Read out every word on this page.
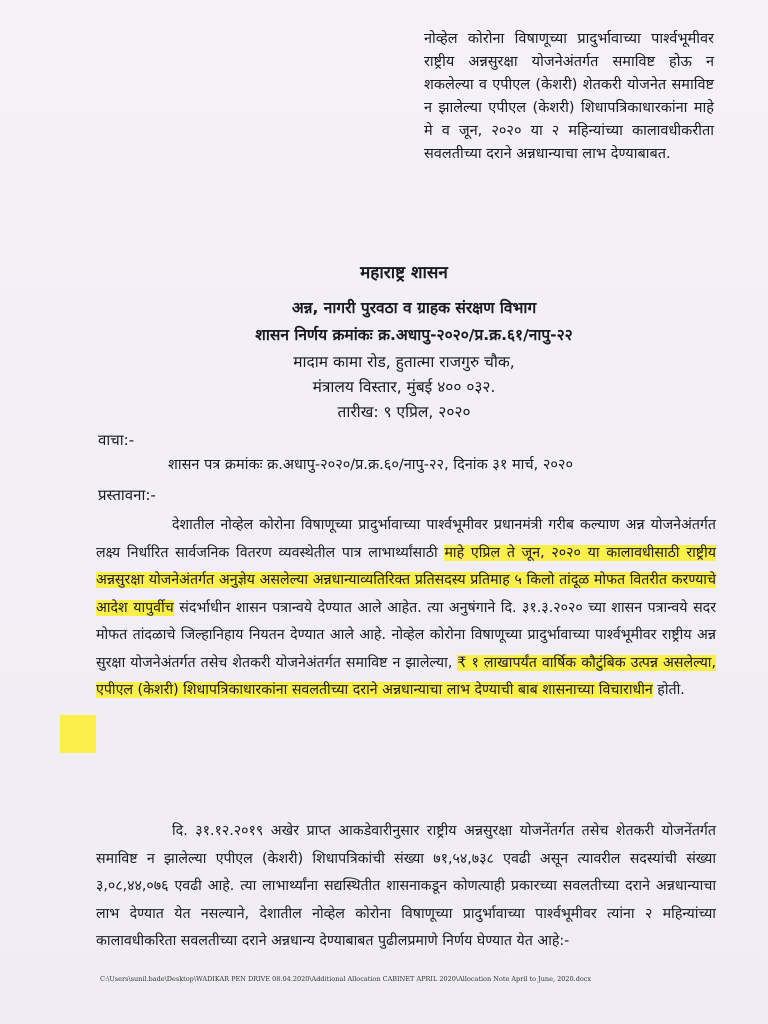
नोव्हेल कोरोना विषाणूच्या प्रादुर्भावाच्या पार्श्वभूमीवर राष्ट्रीय अन्नसुरक्षा योजनेअंतर्गत समाविष्ट होऊ न शकलेल्या व एपीएल (केशरी) शेतकरी योजनेत समाविष्ट न झालेल्या एपीएल (केशरी) शिधापत्रिकाधारकांना माहे मे व जून, २०२० या २ महिन्यांच्या कालावधीकरीता सवलतीच्या दराने अन्नधान्याचा लाभ देण्याबाबत.
महाराष्ट्र शासन
अन्न, नागरी पुरवठा व ग्राहक संरक्षण विभाग
शासन निर्णय क्रमांकः क्र.अधापु-२०२०/प्र.क्र.६१/नापु-२२
मादाम कामा रोड, हुतात्मा राजगुरु चौक,
मंत्रालय विस्तार, मुंबई ४०० ०३२.
तारीख: ९ एप्रिल, २०२०
वाचा:-
शासन पत्र क्रमांकः क्र.अधापु-२०२०/प्र.क्र.६०/नापु-२२, दिनांक ३१ मार्च, २०२०
प्रस्तावना:-
देशातील नोव्हेल कोरोना विषाणूच्या प्रादुर्भावाच्या पार्श्वभूमीवर प्रधानमंत्री गरीब कल्याण अन्न योजनेअंतर्गत लक्ष्य निर्धारित सार्वजनिक वितरण व्यवस्थेतील पात्र लाभार्थ्यांसाठी माहे एप्रिल ते जून, २०२० या कालावधीसाठी राष्ट्रीय अन्नसुरक्षा योजनेअंतर्गत अनुज्ञेय असलेल्या अन्नधान्याव्यतिरिक्त प्रतिसदस्य प्रतिमाह ५ किलो तांदूळ मोफत वितरीत करण्याचे आदेश यापुर्वीच संदर्भाधीन शासन पत्रान्वये देण्यात आले आहेत. त्या अनुषंगाने दि. ३१.३.२०२० च्या शासन पत्रान्वये सदर मोफत तांदळाचे जिल्हानिहाय नियतन देण्यात आले आहे. नोव्हेल कोरोना विषाणूच्या प्रादुर्भावाच्या पार्श्वभूमीवर राष्ट्रीय अन्न सुरक्षा योजनेअंतर्गत तसेच शेतकरी योजनेअंतर्गत समाविष्ट न झालेल्या, ₹ १ लाखापर्यंत वार्षिक कौटुंबिक उत्पन्न असलेल्या, एपीएल (केशरी) शिधापत्रिकाधारकांना सवलतीच्या दराने अन्नधान्याचा लाभ देण्याची बाब शासनाच्या विचाराधीन होती.
दि. ३१.१२.२०१९ अखेर प्राप्त आकडेवारीनुसार राष्ट्रीय अन्नसुरक्षा योजनेंतर्गत तसेच शेतकरी योजनेंतर्गत समाविष्ट न झालेल्या एपीएल (केशरी) शिधापत्रिकांची संख्या ७१,५४,७३८ एवढी असून त्यावरील सदस्यांची संख्या ३,०८,४४,०७६ एवढी आहे. त्या लाभार्थ्यांना सद्यस्थितीत शासनाकडून कोणत्याही प्रकारच्या सवलतीच्या दराने अन्नधान्याचा लाभ देण्यात येत नसल्याने, देशातील नोव्हेल कोरोना विषाणूच्या प्रादुर्भावाच्या पार्श्वभूमीवर त्यांना २ महिन्यांच्या कालावधीकरिता सवलतीच्या दराने अन्नधान्य देण्याबाबत पुढीलप्रमाणे निर्णय घेण्यात येत आहे:-
C:\Users\sunil.bade\Desktop\WADIKAR PEN DRIVE 08.04.2020\Additional Allocation CABINET APRIL 2020\Allocation Note April to June, 2020.docx
